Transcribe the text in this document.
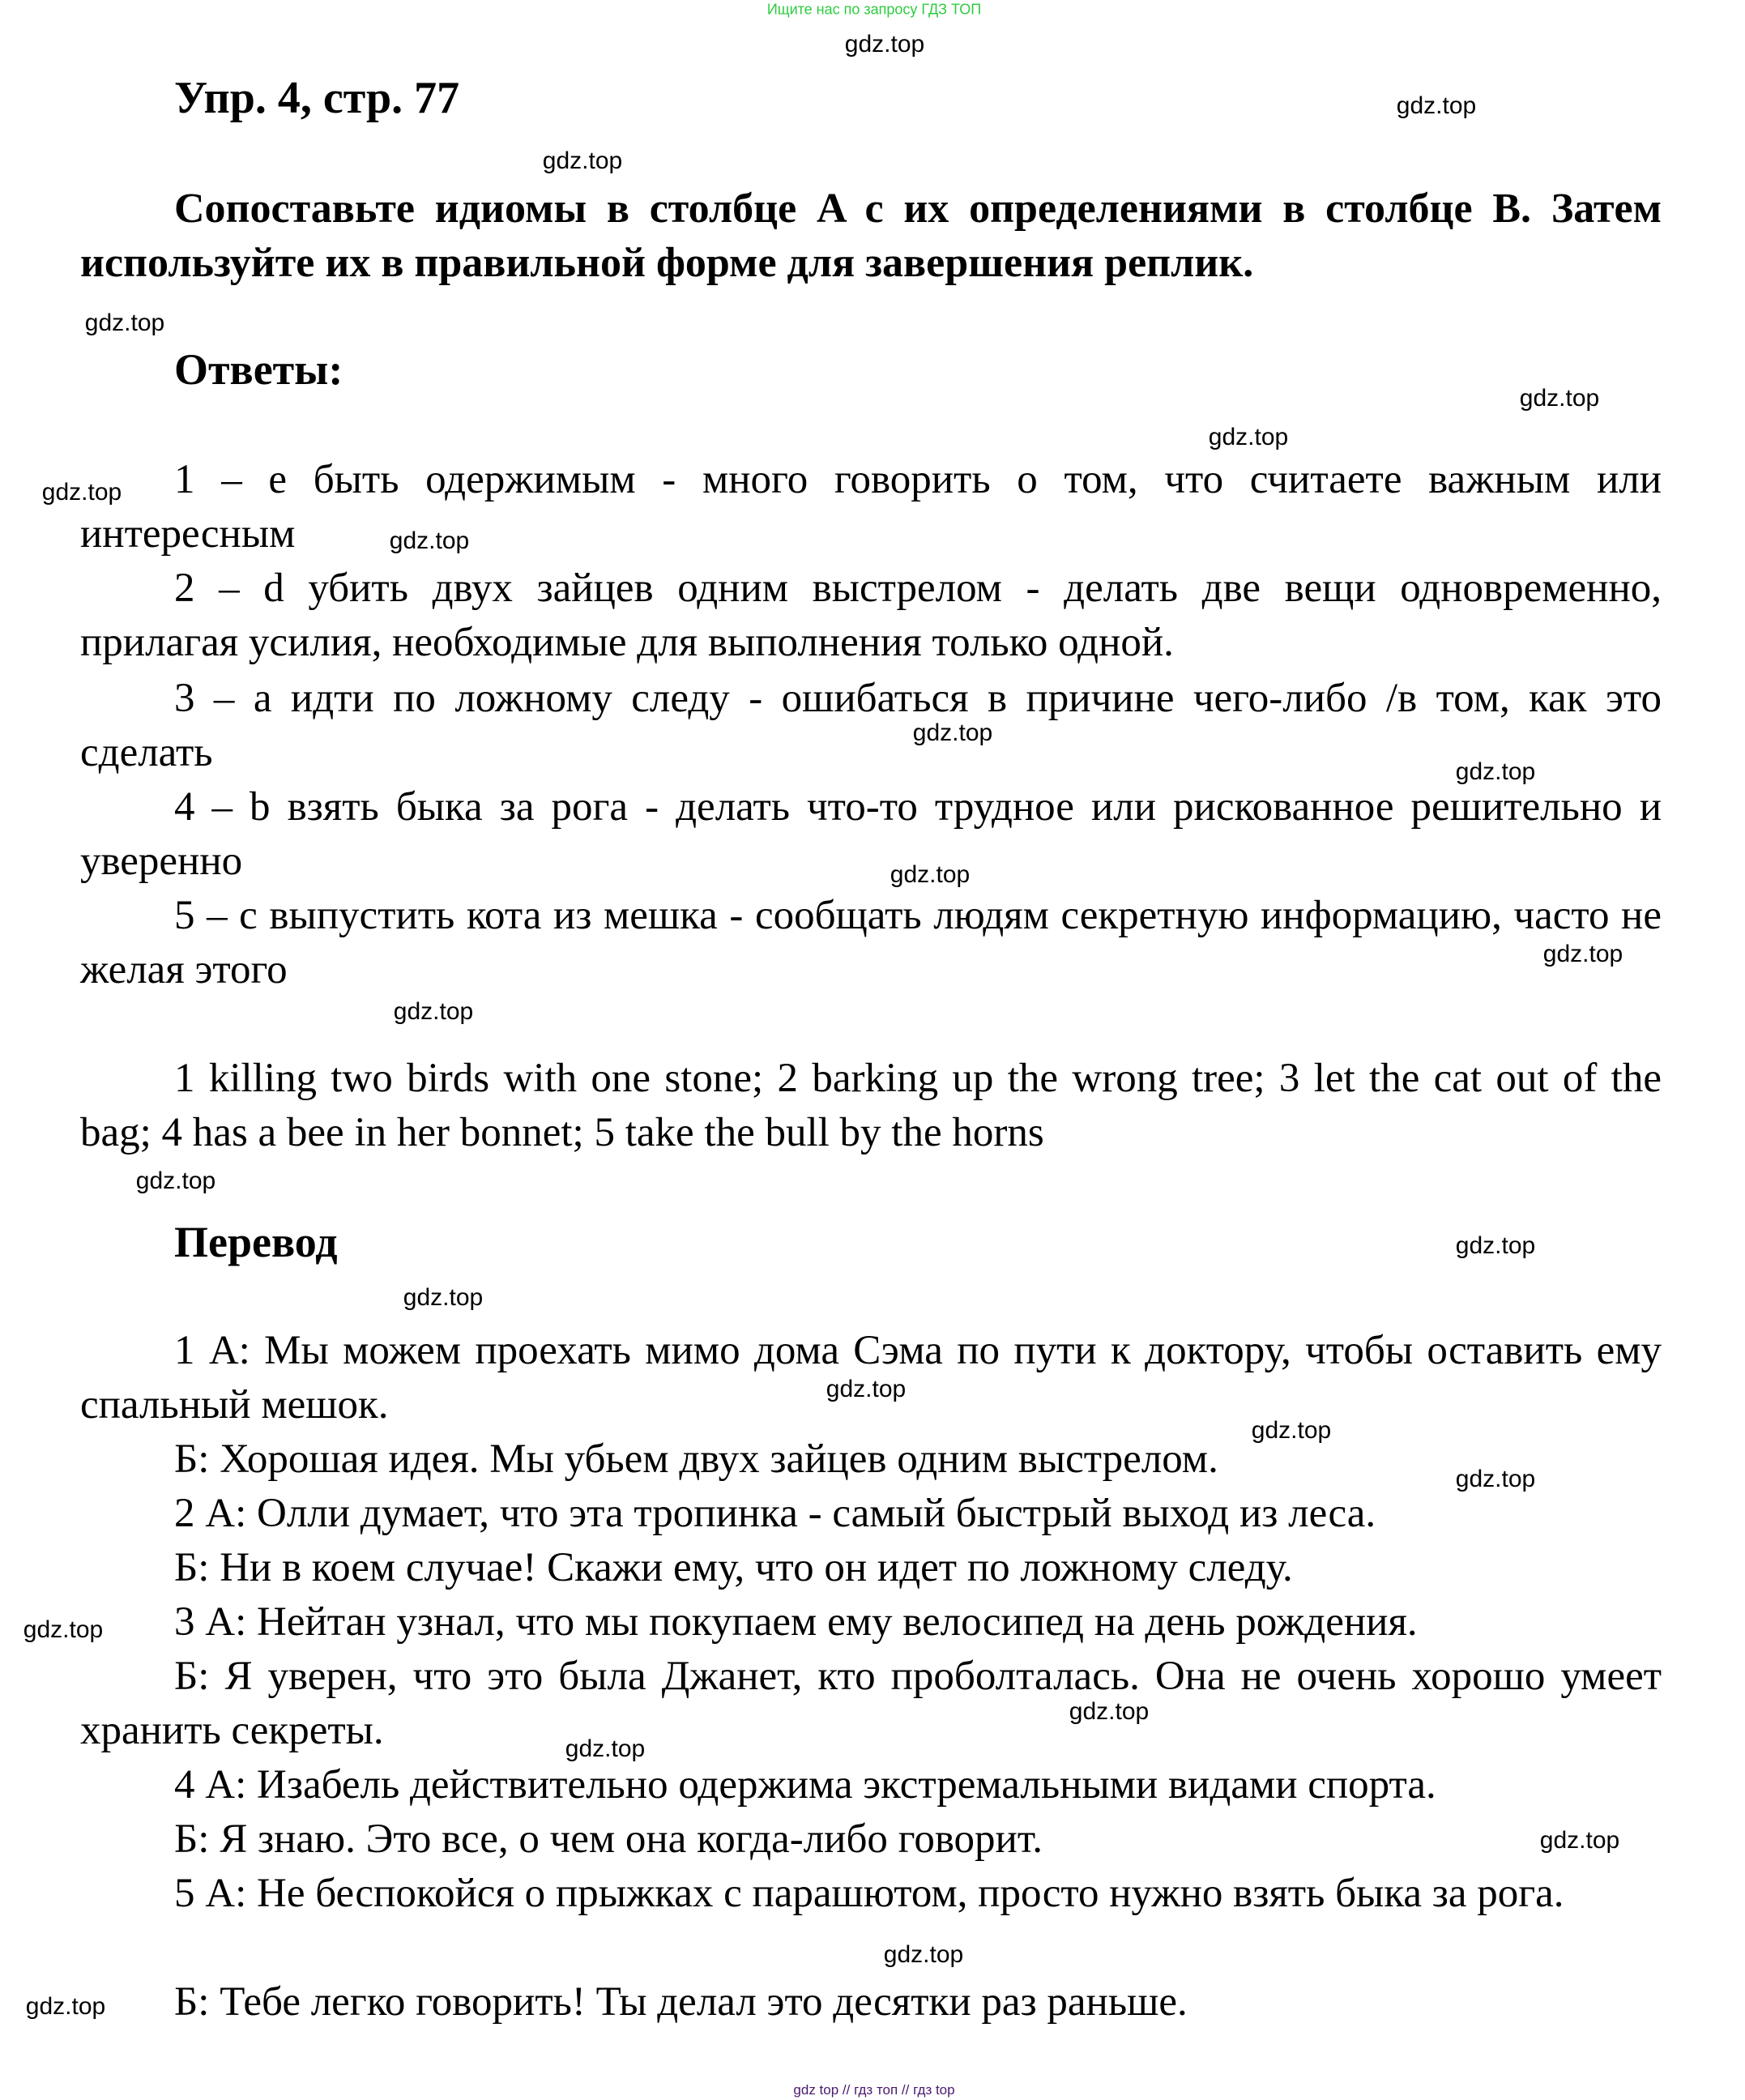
Ищите нас по запросу ГДЗ ТОП
Упр. 4, стр. 77
Сопоставьте идиомы в столбце A с их определениями в столбце B. Затем используйте их в правильной форме для завершения реплик.
Ответы:
1 – е быть одержимым - много говорить о том, что считаете важным или интересным
2 – d убить двух зайцев одним выстрелом - делать две вещи одновременно, прилагая усилия, необходимые для выполнения только одной.
3 – a идти по ложному следу - ошибаться в причине чего-либо /в том, как это сделать
4 – b взять быка за рога - делать что-то трудное или рискованное решительно и уверенно
5 – c выпустить кота из мешка - сообщать людям секретную информацию, часто не желая этого
1 killing two birds with one stone; 2 barking up the wrong tree; 3 let the cat out of the bag; 4 has a bee in her bonnet; 5 take the bull by the horns
Перевод
1 А: Мы можем проехать мимо дома Сэма по пути к доктору, чтобы оставить ему спальный мешок.
Б: Хорошая идея. Мы убьем двух зайцев одним выстрелом.
2 А: Олли думает, что эта тропинка - самый быстрый выход из леса.
Б: Ни в коем случае! Скажи ему, что он идет по ложному следу.
3 А: Нейтан узнал, что мы покупаем ему велосипед на день рождения.
Б: Я уверен, что это была Джанет, кто проболталась. Она не очень хорошо умеет хранить секреты.
4 А: Изабель действительно одержима экстремальными видами спорта.
Б: Я знаю. Это все, о чем она когда-либо говорит.
5 А: Не беспокойся о прыжках с парашютом, просто нужно взять быка за рога.
Б: Тебе легко говорить! Ты делал это десятки раз раньше.
gdz.top
gdz.top
gdz.top
gdz.top
gdz.top
gdz.top
gdz.top
gdz.top
gdz.top
gdz.top
gdz.top
gdz.top
gdz.top
gdz.top
gdz.top
gdz.top
gdz.top
gdz.top
gdz.top
gdz.top
gdz.top
gdz.top
gdz.top
gdz.top
gdz.top
gdz top // гдз топ // гдз top
